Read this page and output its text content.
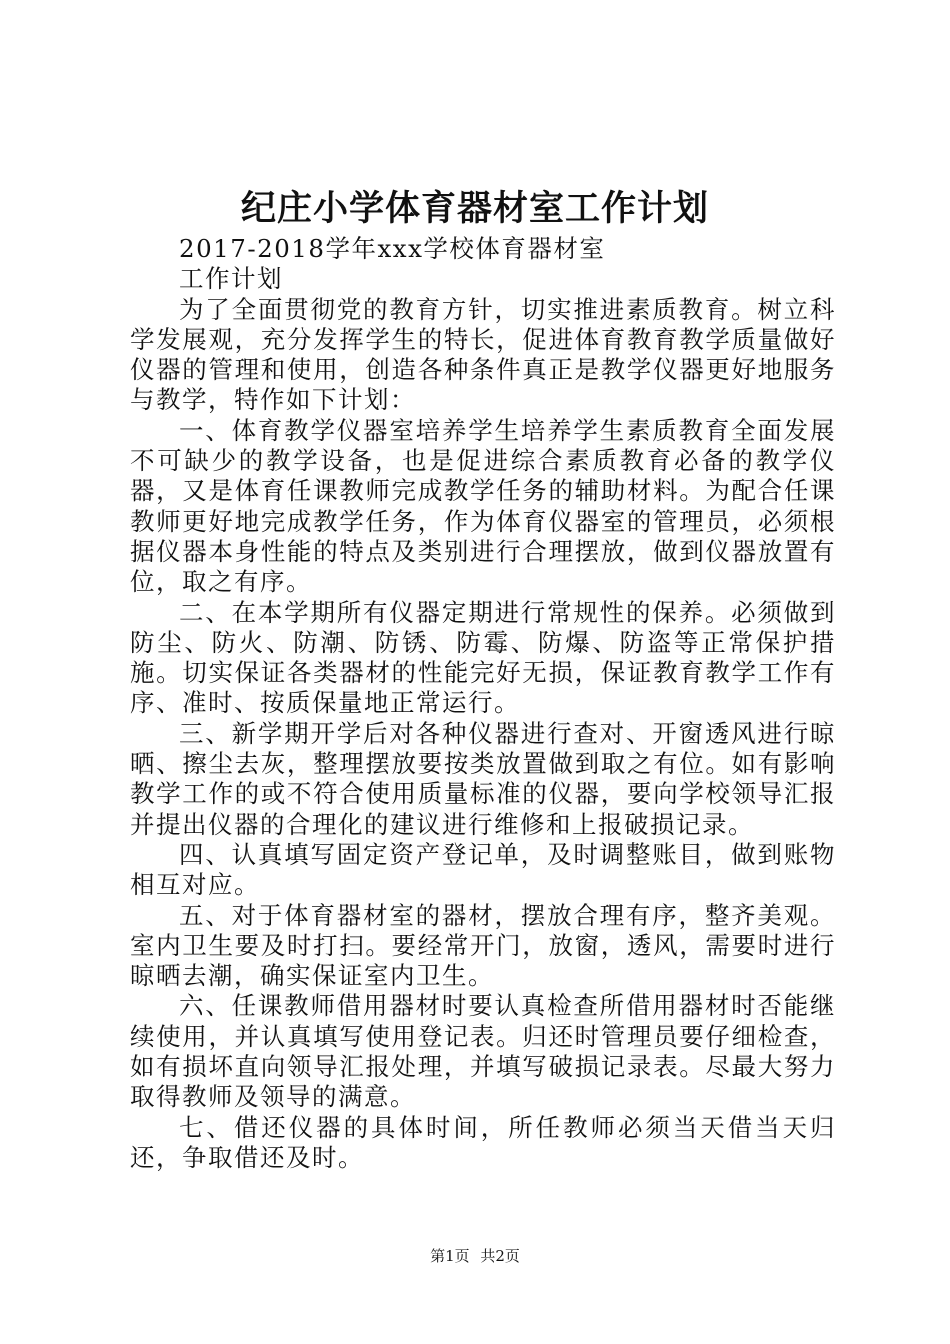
纪庄小学体育器材室工作计划

2017-2018学年xxx学校体育器材室

工作计划

为了全面贯彻党的教育方针，切实推进素质教育。树立科学发展观，充分发挥学生的特长，促进体育教育教学质量做好仪器的管理和使用，创造各种条件真正是教学仪器更好地服务与教学，特作如下计划：

一、体育教学仪器室培养学生培养学生素质教育全面发展不可缺少的教学设备，也是促进综合素质教育必备的教学仪器，又是体育任课教师完成教学任务的辅助材料。为配合任课教师更好地完成教学任务，作为体育仪器室的管理员，必须根据仪器本身性能的特点及类别进行合理摆放，做到仪器放置有位，取之有序。

二、在本学期所有仪器定期进行常规性的保养。必须做到防尘、防火、防潮、防锈、防霉、防爆、防盗等正常保护措施。切实保证各类器材的性能完好无损，保证教育教学工作有序、准时、按质保量地正常运行。

三、新学期开学后对各种仪器进行查对、开窗透风进行晾晒、擦尘去灰，整理摆放要按类放置做到取之有位。如有影响教学工作的或不符合使用质量标准的仪器，要向学校领导汇报并提出仪器的合理化的建议进行维修和上报破损记录。

四、认真填写固定资产登记单，及时调整账目，做到账物相互对应。

五、对于体育器材室的器材，摆放合理有序，整齐美观。室内卫生要及时打扫。要经常开门，放窗，透风，需要时进行晾晒去潮，确实保证室内卫生。

六、任课教师借用器材时要认真检查所借用器材时否能继续使用，并认真填写使用登记表。归还时管理员要仔细检查，如有损坏直向领导汇报处理，并填写破损记录表。尽最大努力取得教师及领导的满意。

七、借还仪器的具体时间，所任教师必须当天借当天归还，争取借还及时。

第1页 共2页
